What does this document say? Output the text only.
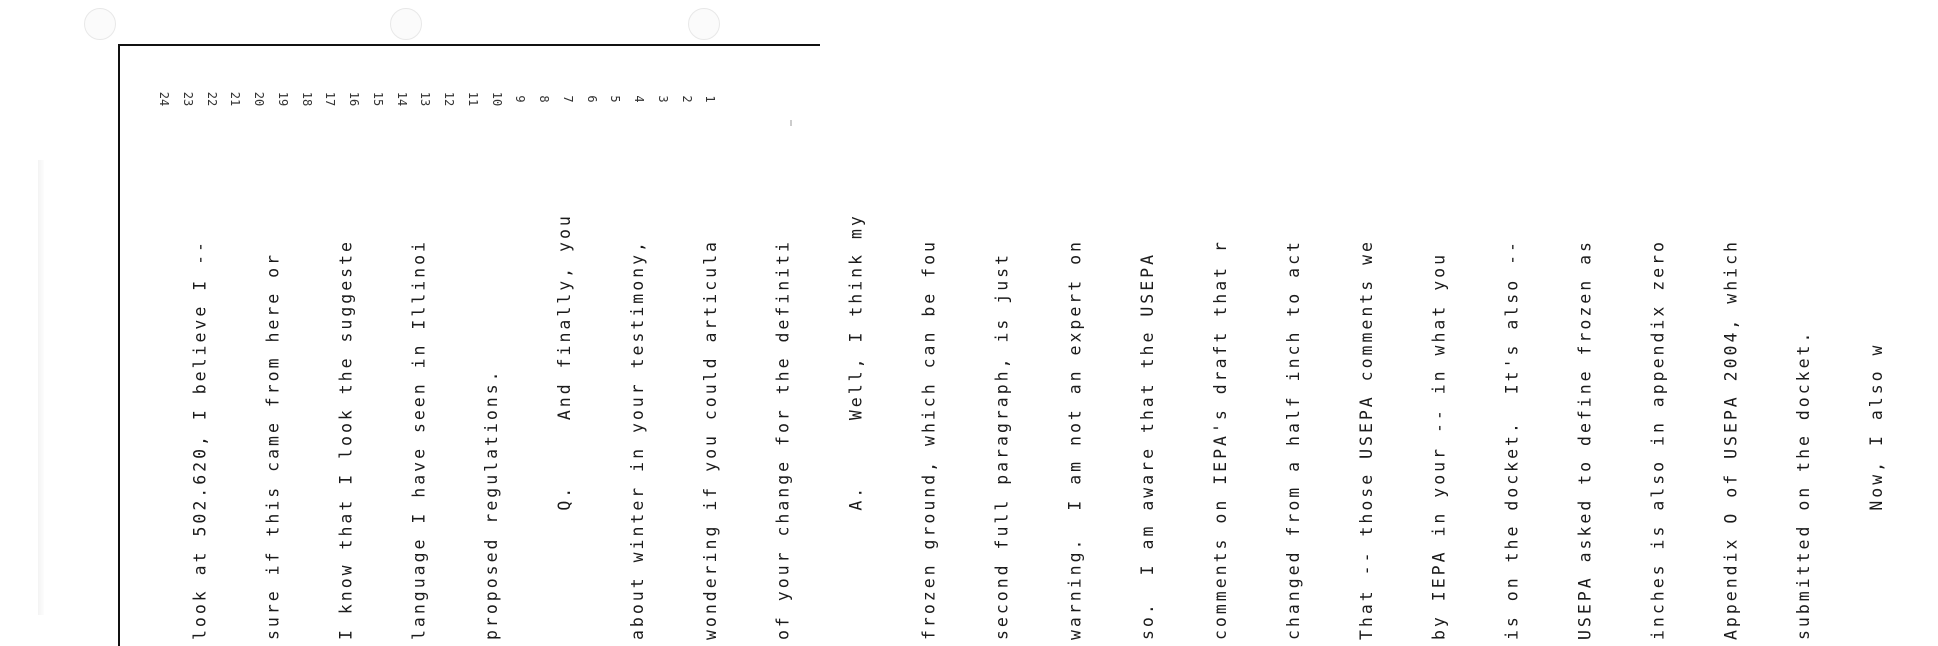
1
2
3
4
5
6
7
8
9
10
11
12
13
14
15
16
17
18
19
20
21
22
23
24

look at 502.620, I believe I --

	sure if this came from here or

	I know that I look the suggeste

	language I have seen in Illinoi

	proposed regulations.

	Q.     And finally, you

	about winter in your testimony,

	wondering if you could articula

	of your change for the definiti

	A.     Well, I think my

	frozen ground, which can be fou

	second full paragraph, is just

	warning.  I am not an expert on

	so.  I am aware that the USEPA

	comments on IEPA's draft that r

	changed from a half inch to act

	That -- those USEPA comments we

	by IEPA in your -- in what you

	is on the docket.  It's also --

	USEPA asked to define frozen as

	inches is also in appendix zero

	Appendix O of USEPA 2004, which

	submitted on the docket.

	Now, I also w
